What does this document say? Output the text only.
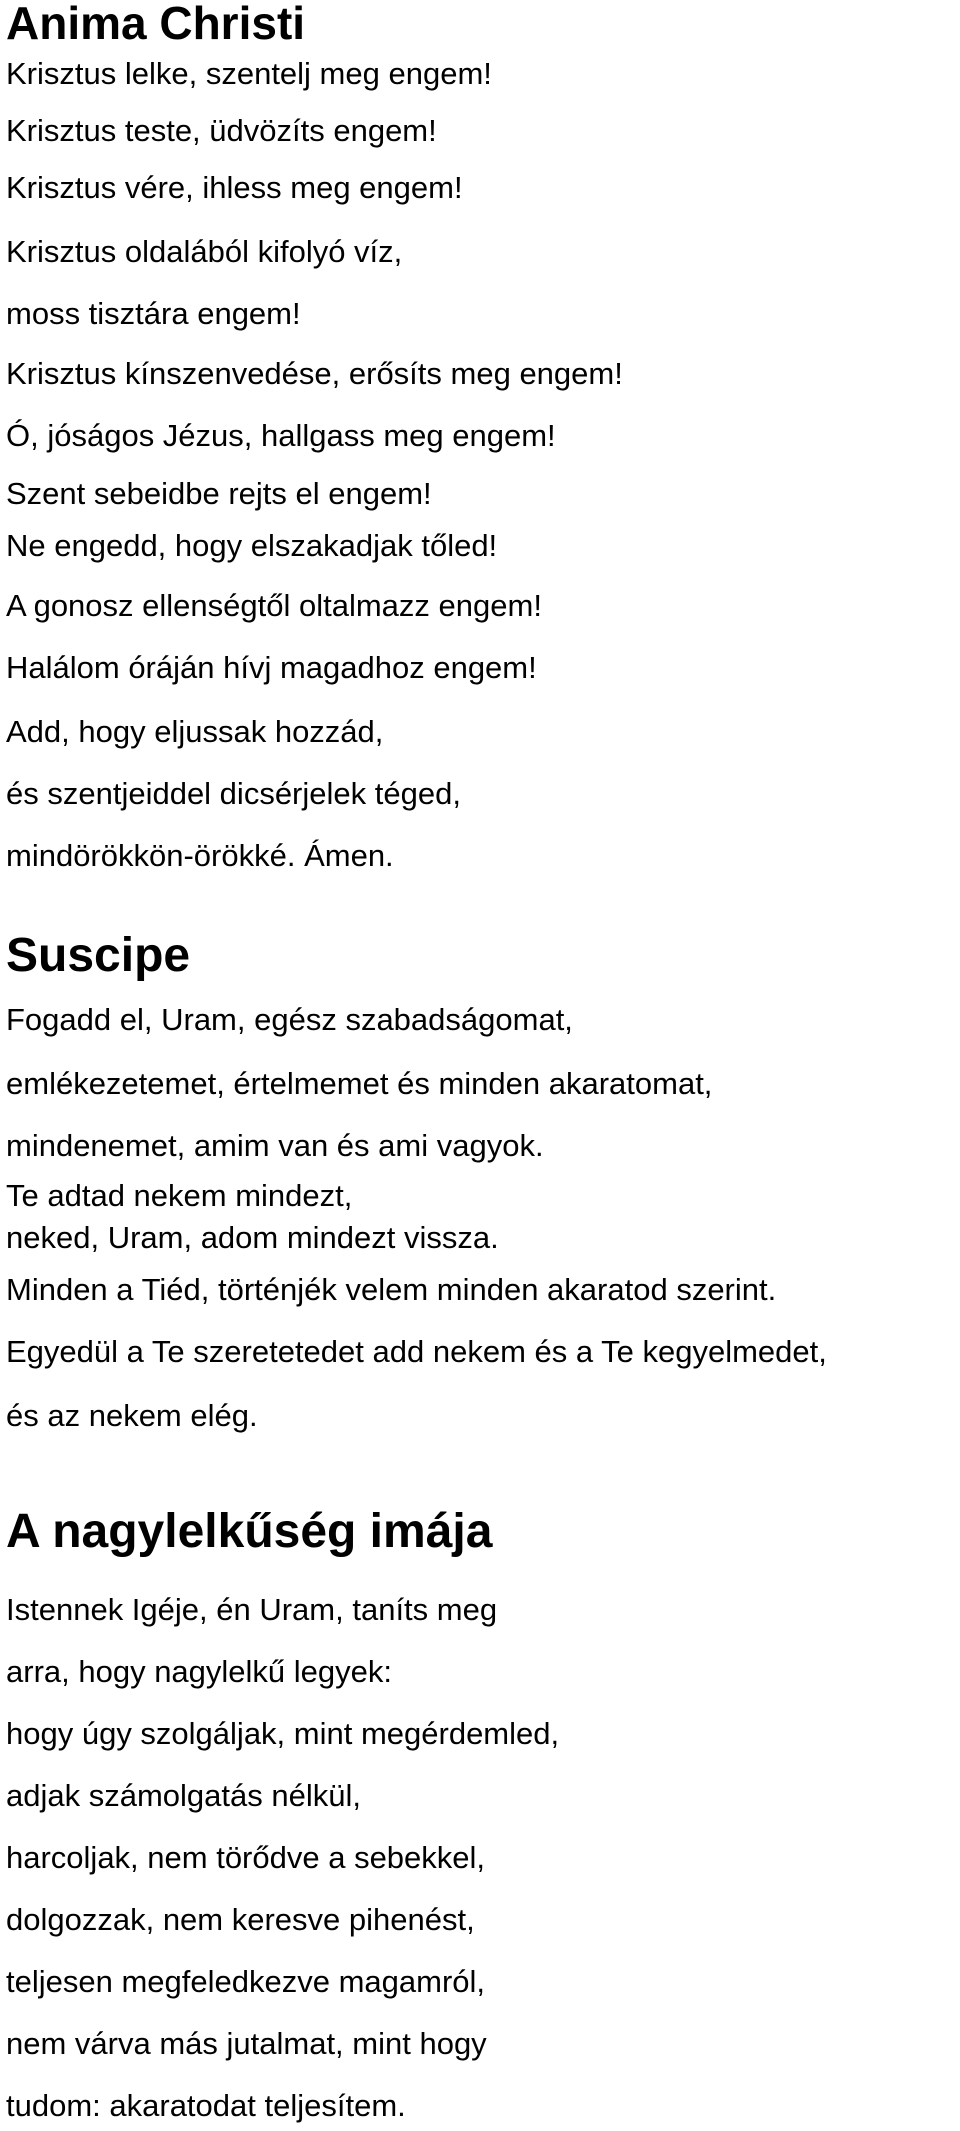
Anima Christi

Krisztus lelke, szentelj meg engem!

Krisztus teste, üdvözíts engem!

Krisztus vére, ihless meg engem!

Krisztus oldalából kifolyó víz,

moss tisztára engem!

Krisztus kínszenvedése, erősíts meg engem!

Ó, jóságos Jézus, hallgass meg engem!

Szent sebeidbe rejts el engem!

Ne engedd, hogy elszakadjak tőled!

A gonosz ellenségtől oltalmazz engem!

Halálom óráján hívj magadhoz engem!

Add, hogy eljussak hozzád,

és szentjeiddel dicsérjelek téged,

mindörökkön-örökké. Ámen.

Suscipe

Fogadd el, Uram, egész szabadságomat,

emlékezetemet, értelmemet és minden akaratomat,

mindenemet, amim van és ami vagyok.

Te adtad nekem mindezt,

neked, Uram, adom mindezt vissza.

Minden a Tiéd, történjék velem minden akaratod szerint.

Egyedül a Te szeretetedet add nekem és a Te kegyelmedet,

és az nekem elég.

A nagylelkűség imája

Istennek Igéje, én Uram, taníts meg

arra, hogy nagylelkű legyek:

hogy úgy szolgáljak, mint megérdemled,

adjak számolgatás nélkül,

harcoljak, nem törődve a sebekkel,

dolgozzak, nem keresve pihenést,

teljesen megfeledkezve magamról,

nem várva más jutalmat, mint hogy

tudom: akaratodat teljesítem.
